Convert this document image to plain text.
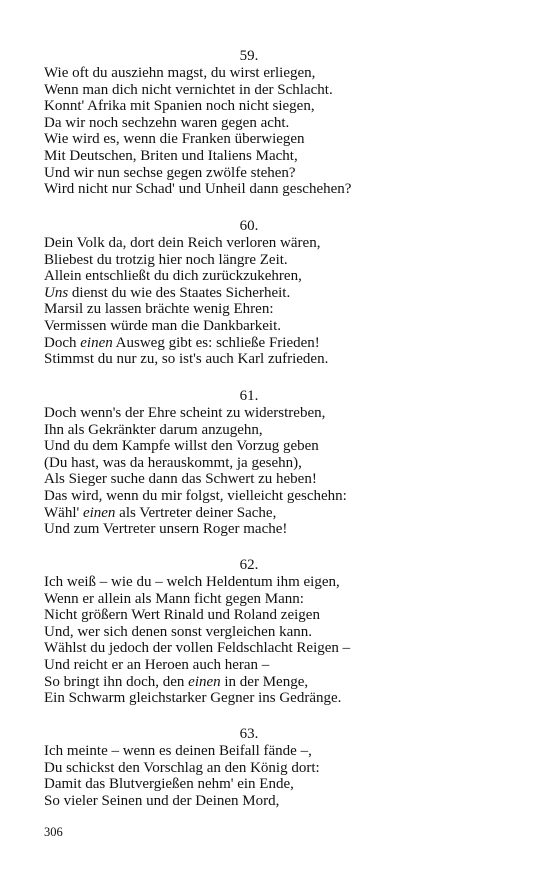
59.
Wie oft du ausziehn magst, du wirst erliegen,
Wenn man dich nicht vernichtet in der Schlacht.
Konnt' Afrika mit Spanien noch nicht siegen,
Da wir noch sechzehn waren gegen acht.
Wie wird es, wenn die Franken überwiegen
Mit Deutschen, Briten und Italiens Macht,
Und wir nun sechse gegen zwölfe stehen?
Wird nicht nur Schad' und Unheil dann geschehen?
60.
Dein Volk da, dort dein Reich verloren wären,
Bliebest du trotzig hier noch längre Zeit.
Allein entschließt du dich zurückzukehren,
Uns dienst du wie des Staates Sicherheit.
Marsil zu lassen brächte wenig Ehren:
Vermissen würde man die Dankbarkeit.
Doch einen Ausweg gibt es: schließe Frieden!
Stimmst du nur zu, so ist's auch Karl zufrieden.
61.
Doch wenn's der Ehre scheint zu widerstreben,
Ihn als Gekränkter darum anzugehn,
Und du dem Kampfe willst den Vorzug geben
(Du hast, was da herauskommt, ja gesehn),
Als Sieger suche dann das Schwert zu heben!
Das wird, wenn du mir folgst, vielleicht geschehn:
Wähl' einen als Vertreter deiner Sache,
Und zum Vertreter unsern Roger mache!
62.
Ich weiß – wie du – welch Heldentum ihm eigen,
Wenn er allein als Mann ficht gegen Mann:
Nicht größern Wert Rinald und Roland zeigen
Und, wer sich denen sonst vergleichen kann.
Wählst du jedoch der vollen Feldschlacht Reigen –
Und reicht er an Heroen auch heran –
So bringt ihn doch, den einen in der Menge,
Ein Schwarm gleichstarker Gegner ins Gedränge.
63.
Ich meinte – wenn es deinen Beifall fände –,
Du schickst den Vorschlag an den König dort:
Damit das Blutvergießen nehm' ein Ende,
So vieler Seinen und der Deinen Mord,
306
